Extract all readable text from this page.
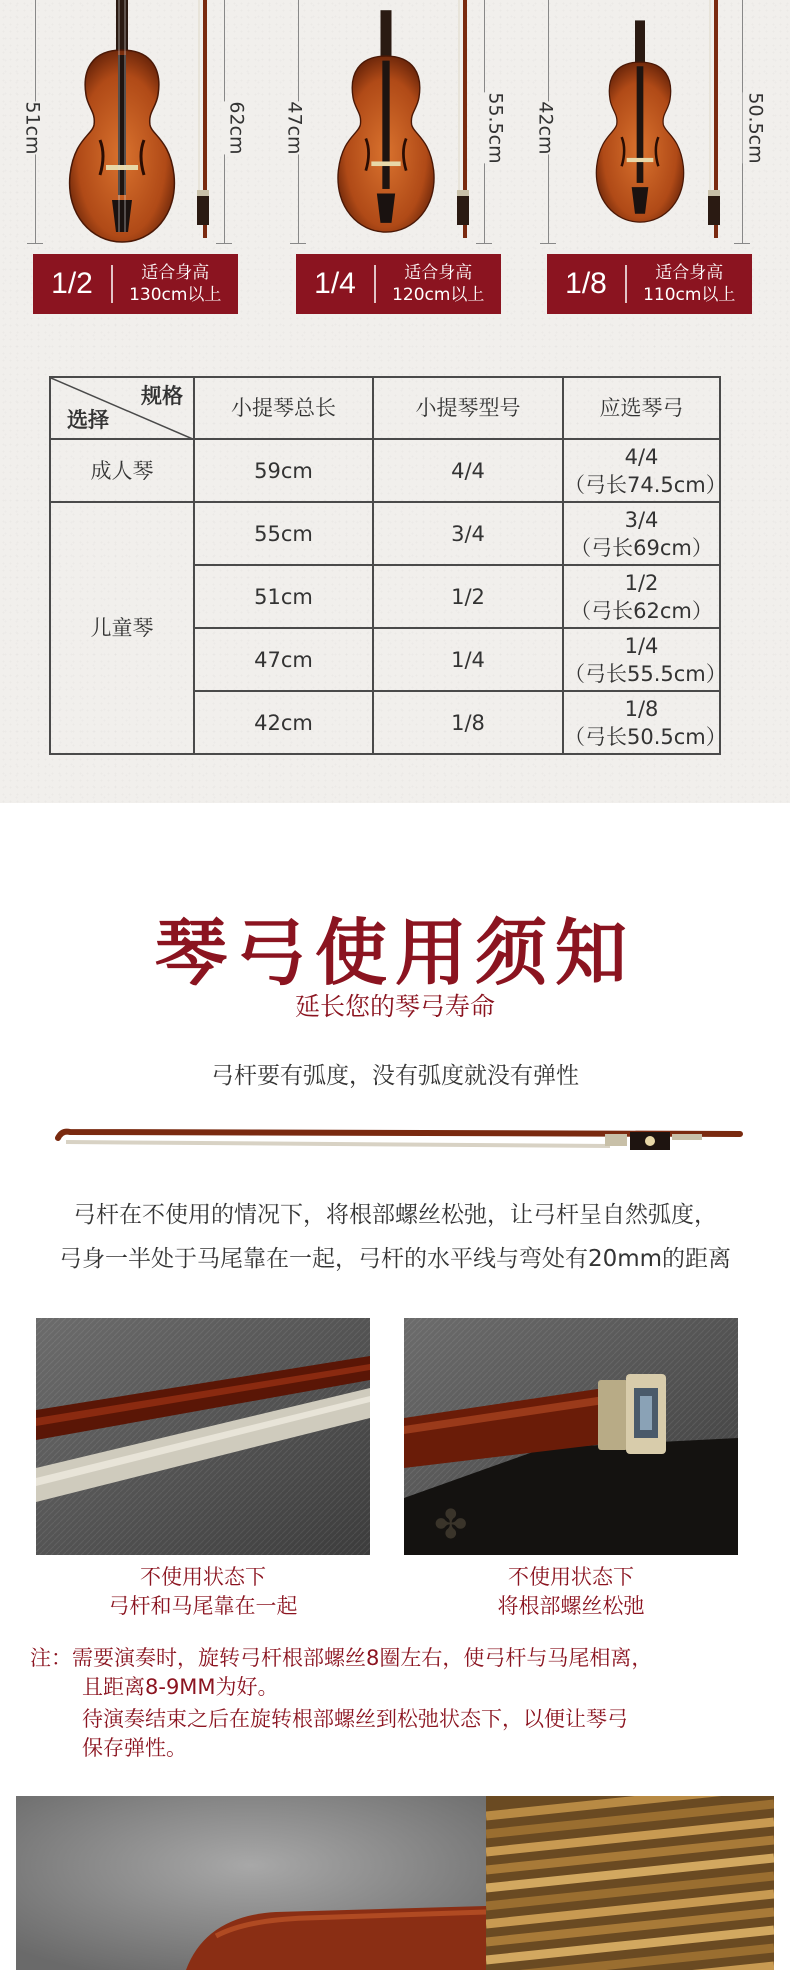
51cm	62cm
1/2	适合身高
130cm以上
47cm	55.5cm
1/4	适合身高
120cm以上
42cm	50.5cm
1/8	适合身高
110cm以上
规格
选择	小提琴总长	小提琴型号	应选琴弓
成人琴	59cm	4/4	4/4
（弓长74.5cm）
儿童琴	55cm	3/4	3/4
（弓长69cm）
	51cm	1/2	1/2
（弓长62cm）
	47cm	1/4	1/4
（弓长55.5cm）
	42cm	1/8	1/8
（弓长50.5cm）
琴弓使用须知
延长您的琴弓寿命
弓杆要有弧度，没有弧度就没有弹性
弓杆在不使用的情况下，将根部螺丝松弛，让弓杆呈自然弧度，
弓身一半处于马尾靠在一起，弓杆的水平线与弯处有20mm的距离
不使用状态下
弓杆和马尾靠在一起
✤
不使用状态下
将根部螺丝松弛
注：需要演奏时，旋转弓杆根部螺丝8圈左右，使弓杆与马尾相离，
且距离8-9MM为好。
待演奏结束之后在旋转根部螺丝到松弛状态下，以便让琴弓
保存弹性。
